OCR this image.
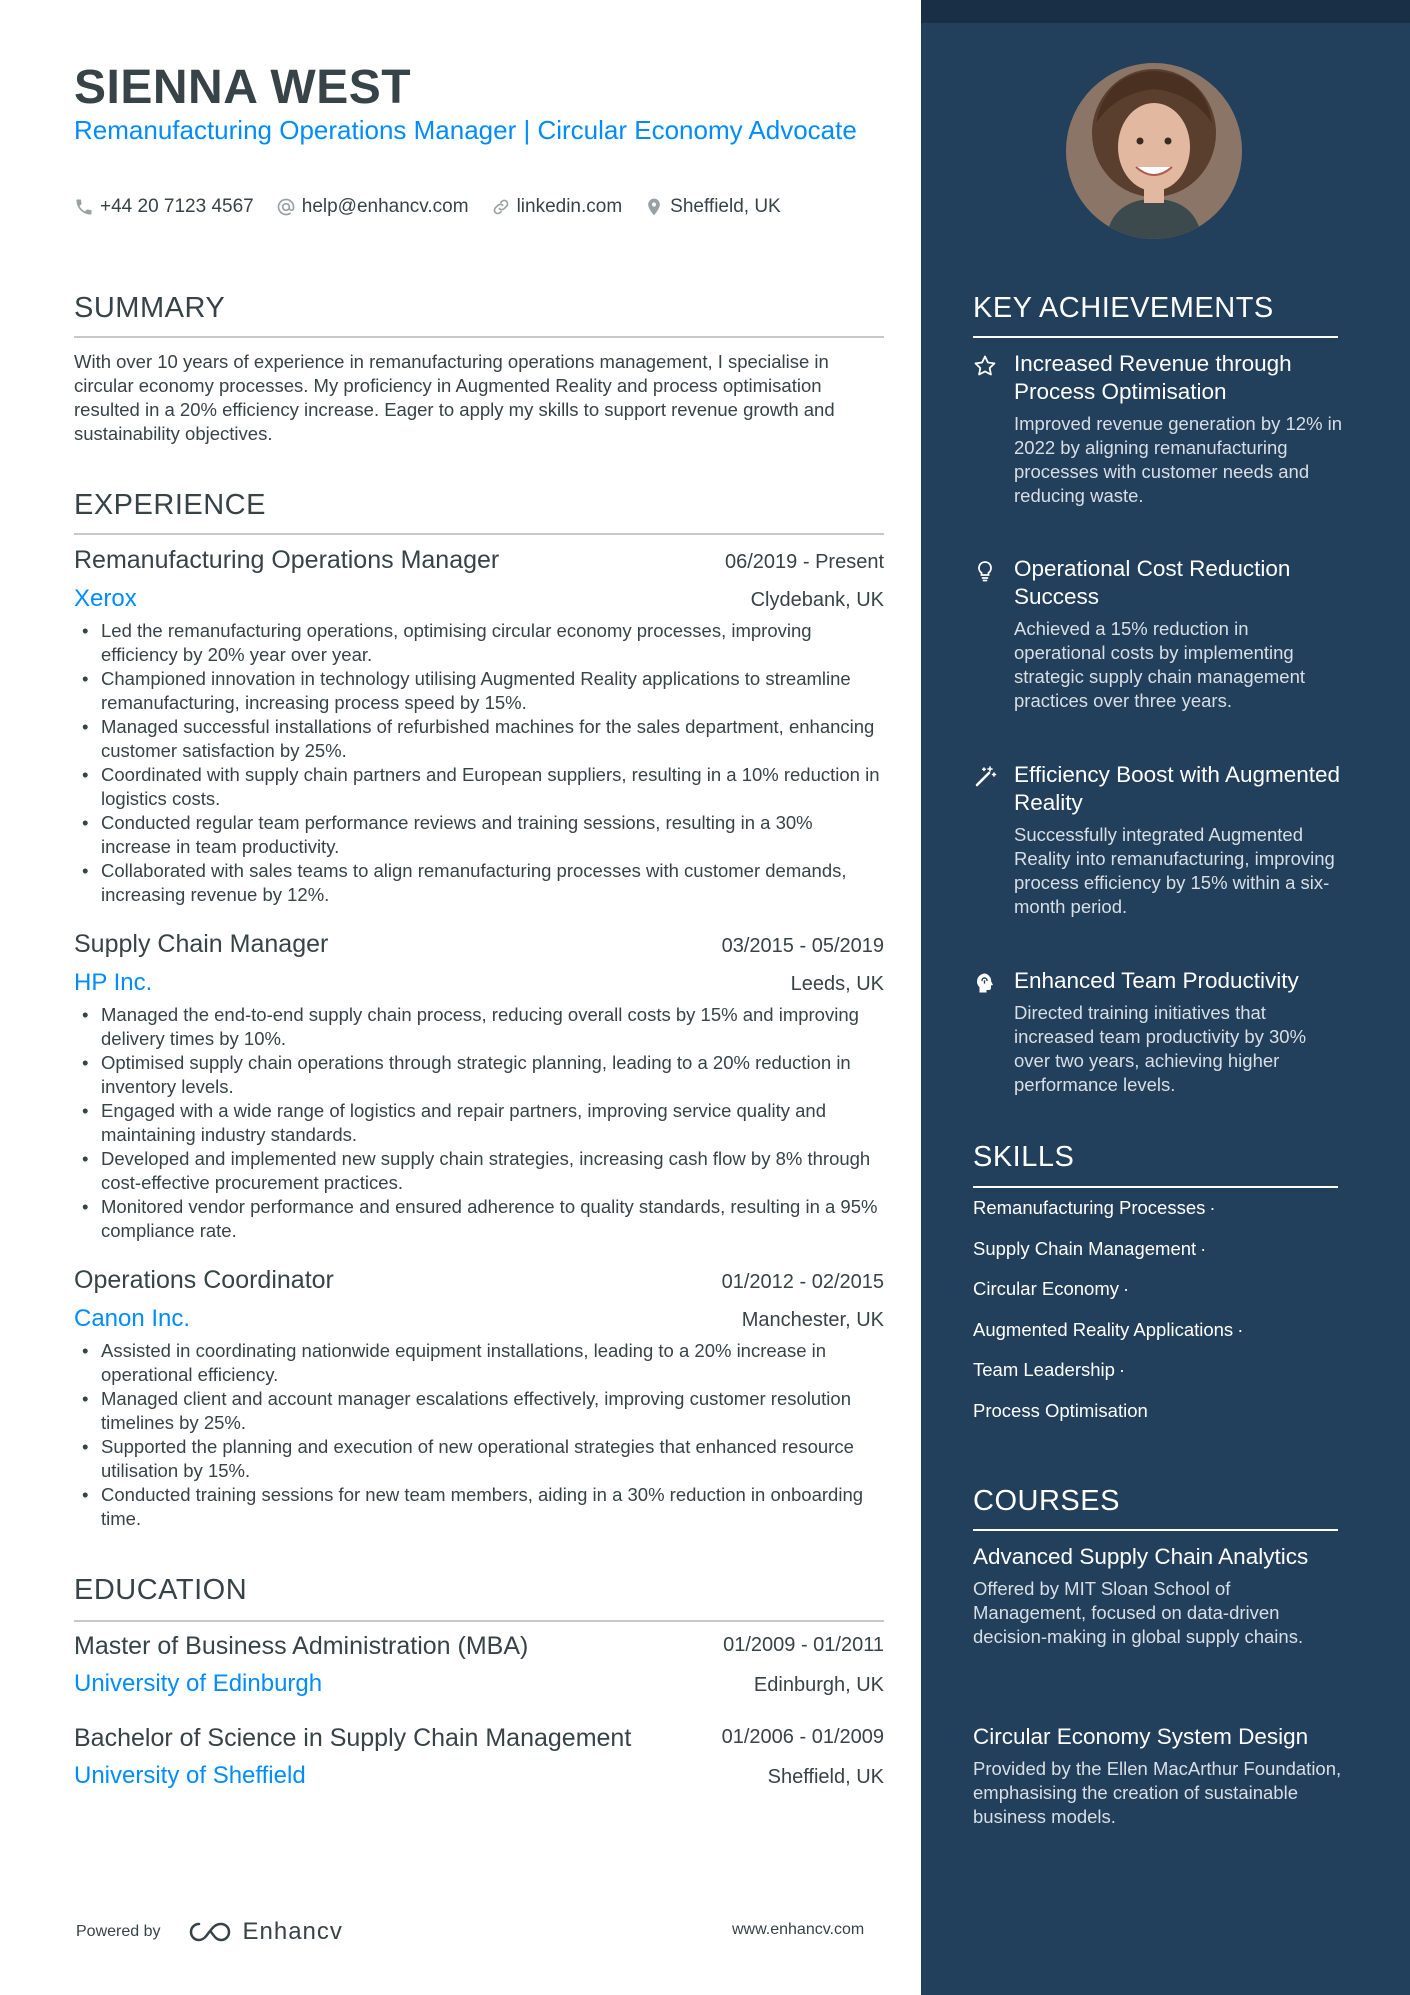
SIENNA WEST
Remanufacturing Operations Manager | Circular Economy Advocate
+44 20 7123 4567	help@enhancv.com	linkedin.com	Sheffield, UK
SUMMARY
With over 10 years of experience in remanufacturing operations management, I specialise in circular economy processes. My proficiency in Augmented Reality and process optimisation resulted in a 20% efficiency increase. Eager to apply my skills to support revenue growth and sustainability objectives.
EXPERIENCE
Remanufacturing Operations Manager	06/2019 - Present
Xerox	Clydebank, UK
• Led the remanufacturing operations, optimising circular economy processes, improving efficiency by 20% year over year.
• Championed innovation in technology utilising Augmented Reality applications to streamline remanufacturing, increasing process speed by 15%.
• Managed successful installations of refurbished machines for the sales department, enhancing customer satisfaction by 25%.
• Coordinated with supply chain partners and European suppliers, resulting in a 10% reduction in logistics costs.
• Conducted regular team performance reviews and training sessions, resulting in a 30% increase in team productivity.
• Collaborated with sales teams to align remanufacturing processes with customer demands, increasing revenue by 12%.
Supply Chain Manager	03/2015 - 05/2019
HP Inc.	Leeds, UK
• Managed the end-to-end supply chain process, reducing overall costs by 15% and improving delivery times by 10%.
• Optimised supply chain operations through strategic planning, leading to a 20% reduction in inventory levels.
• Engaged with a wide range of logistics and repair partners, improving service quality and maintaining industry standards.
• Developed and implemented new supply chain strategies, increasing cash flow by 8% through cost-effective procurement practices.
• Monitored vendor performance and ensured adherence to quality standards, resulting in a 95% compliance rate.
Operations Coordinator	01/2012 - 02/2015
Canon Inc.	Manchester, UK
• Assisted in coordinating nationwide equipment installations, leading to a 20% increase in operational efficiency.
• Managed client and account manager escalations effectively, improving customer resolution timelines by 25%.
• Supported the planning and execution of new operational strategies that enhanced resource utilisation by 15%.
• Conducted training sessions for new team members, aiding in a 30% reduction in onboarding time.
EDUCATION
Master of Business Administration (MBA)	01/2009 - 01/2011
University of Edinburgh	Edinburgh, UK
Bachelor of Science in Supply Chain Management	01/2006 - 01/2009
University of Sheffield	Sheffield, UK
Powered by	Enhancv	www.enhancv.com
KEY ACHIEVEMENTS
Increased Revenue through Process Optimisation
Improved revenue generation by 12% in 2022 by aligning remanufacturing processes with customer needs and reducing waste.
Operational Cost Reduction Success
Achieved a 15% reduction in operational costs by implementing strategic supply chain management practices over three years.
Efficiency Boost with Augmented Reality
Successfully integrated Augmented Reality into remanufacturing, improving process efficiency by 15% within a six-month period.
Enhanced Team Productivity
Directed training initiatives that increased team productivity by 30% over two years, achieving higher performance levels.
SKILLS
Remanufacturing Processes ·
Supply Chain Management ·
Circular Economy ·
Augmented Reality Applications ·
Team Leadership ·
Process Optimisation
COURSES
Advanced Supply Chain Analytics
Offered by MIT Sloan School of Management, focused on data-driven decision-making in global supply chains.
Circular Economy System Design
Provided by the Ellen MacArthur Foundation, emphasising the creation of sustainable business models.
